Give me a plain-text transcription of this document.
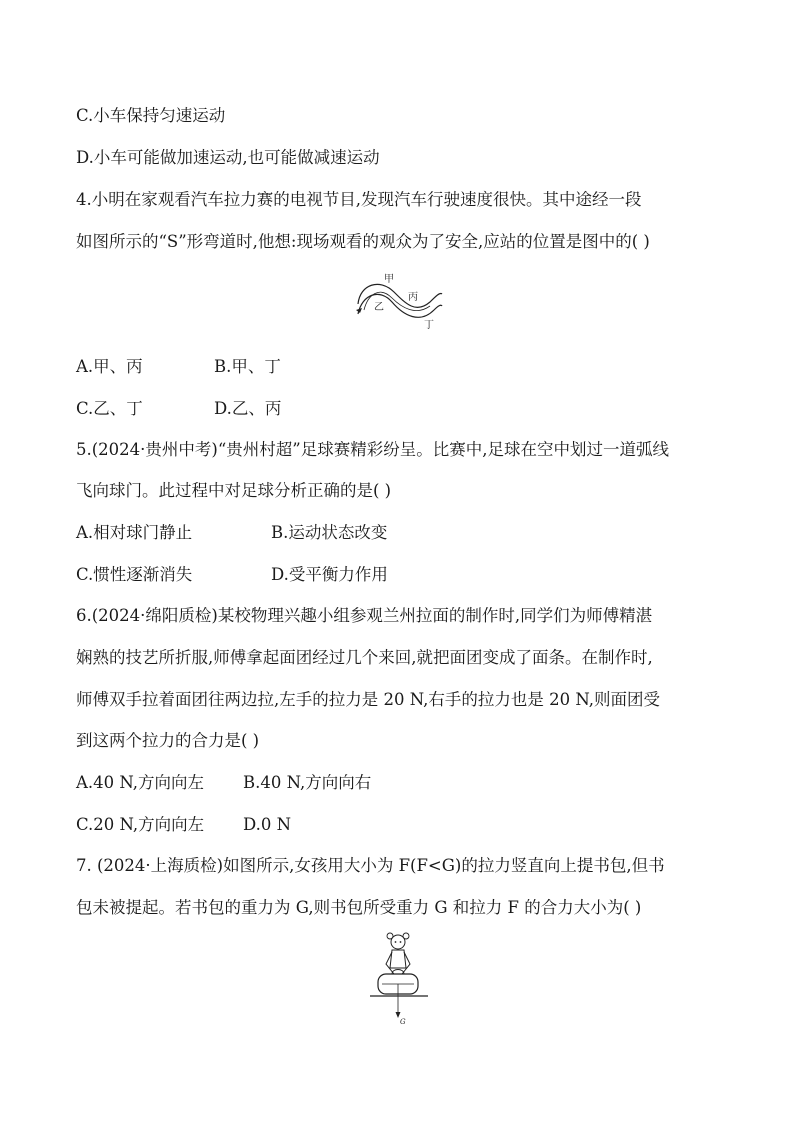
C.小车保持匀速运动
D.小车可能做加速运动,也可能做减速运动
4.小明在家观看汽车拉力赛的电视节目,发现汽车行驶速度很快。其中途经一段
如图所示的“S”形弯道时,他想:现场观看的观众为了安全,应站的位置是图中的( )
甲
乙
丙
丁
A.甲、丙	B.甲、丁
C.乙、丁	D.乙、丙
5.(2024·贵州中考)“贵州村超”足球赛精彩纷呈。比赛中,足球在空中划过一道弧线
飞向球门。此过程中对足球分析正确的是( )
A.相对球门静止	B.运动状态改变
C.惯性逐渐消失	D.受平衡力作用
6.(2024·绵阳质检)某校物理兴趣小组参观兰州拉面的制作时,同学们为师傅精湛
娴熟的技艺所折服,师傅拿起面团经过几个来回,就把面团变成了面条。在制作时,
师傅双手拉着面团往两边拉,左手的拉力是 20 N,右手的拉力也是 20 N,则面团受
到这两个拉力的合力是( )
A.40 N,方向向左 B.40 N,方向向右
C.20 N,方向向左 D.0 N
7. (2024·上海质检)如图所示,女孩用大小为 F(F<G)的拉力竖直向上提书包,但书
包未被提起。若书包的重力为 G,则书包所受重力 G 和拉力 F 的合力大小为( )
G
